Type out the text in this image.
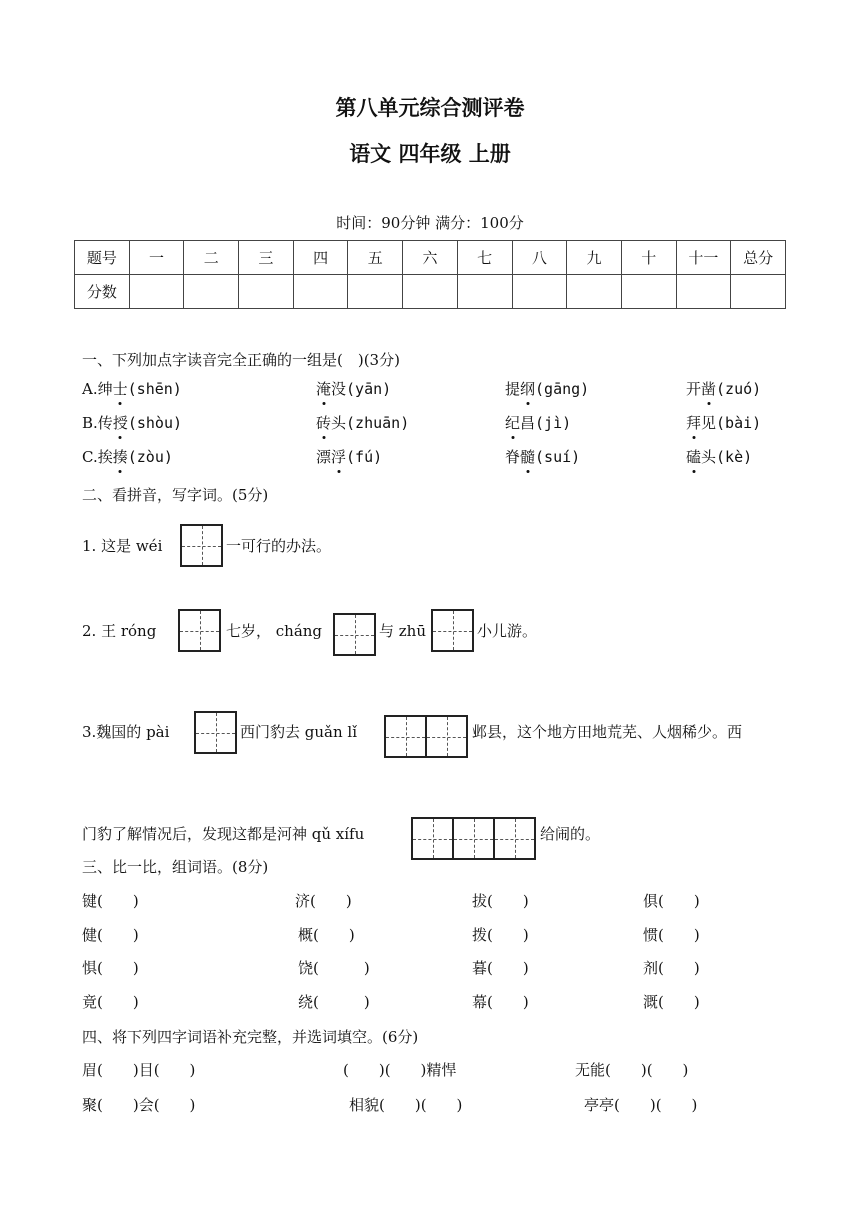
第八单元综合测评卷
语文 四年级 上册
时间：90分钟 满分：100分
题号	一	二	三	四	五	六	七	八	九	十	十一	总分
分数												
一、下列加点字读音完全正确的一组是(　)(3分)
A.绅士(shēn)	淹没(yān)	提纲(gāng)	开凿(zuó)
B.传授(shòu)	砖头(zhuān)	纪昌(jì)	拜见(bài)
C.挨揍(zòu)	漂浮(fú)	脊髓(suí)	磕头(kè)
二、看拼音，写字词。(5分)
1. 这是 wéi	一可行的办法。
2. 王 róng	七岁， cháng	与 zhū	小儿游。
3.魏国的 pài	西门豹去 guǎn lǐ	邺县，这个地方田地荒芜、人烟稀少。西
门豹了解情况后，发现这都是河神 qǔ xífu	给闹的。
三、比一比，组词语。(8分)
键(　　)	济(　　)	拔(　　)	俱(　　)
健(　　)	概(　　)	拨(　　)	惯(　　)
惧(　　)	饶(　　　)	暮(　　)	剂(　　)
竟(　　)	绕(　　　)	幕(　　)	溉(　　)
四、将下列四字词语补充完整，并选词填空。(6分)
眉(　　)目(　　)	(　　)(　　)精悍	无能(　　)(　　)
聚(　　)会(　　)	相貌(　　)(　　)	亭亭(　　)(　　)
